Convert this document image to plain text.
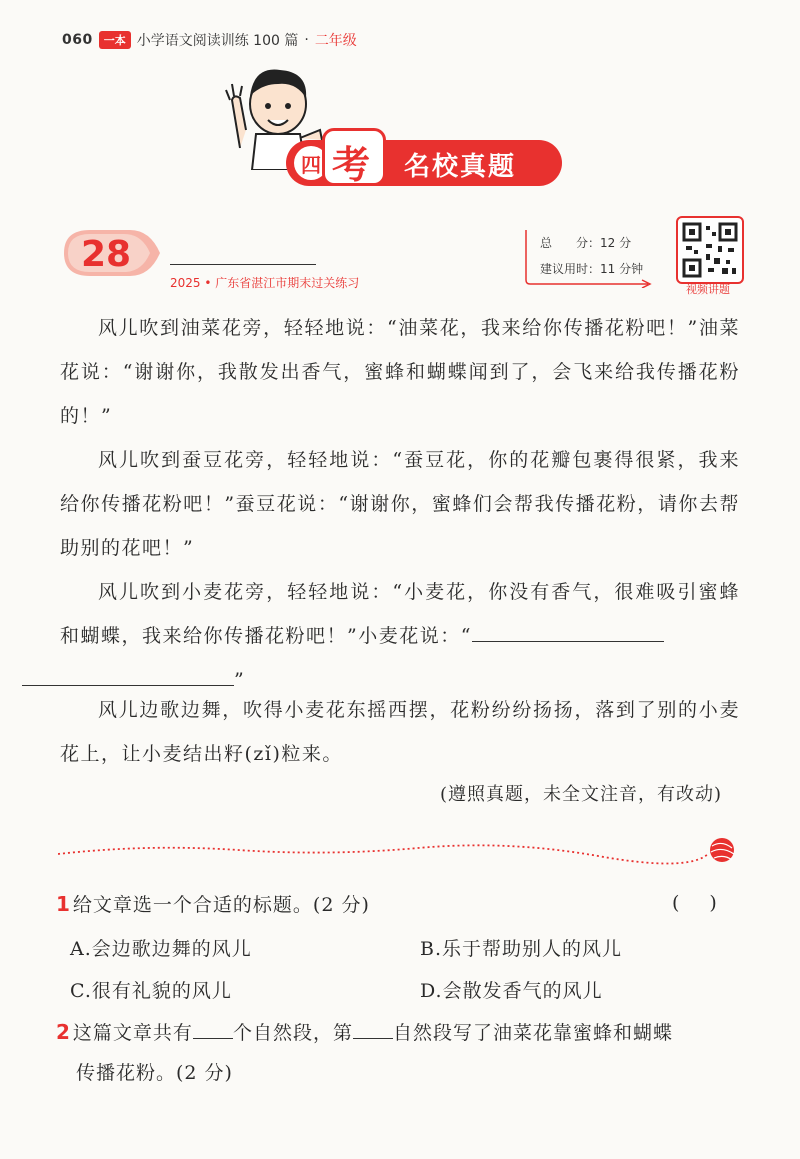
060	一本 小学语文阅读训练 100 篇 · 二年级
四 考 名校真题
28
2025 • 广东省湛江市期末过关练习
总　　分：12 分
建议用时：11 分钟
视频讲题
风儿吹到油菜花旁，轻轻地说：“油菜花，我来给你传播花粉吧！”油菜花说：“谢谢你，我散发出香气，蜜蜂和蝴蝶闻到了，会飞来给我传播花粉的！”
风儿吹到蚕豆花旁，轻轻地说：“蚕豆花，你的花瓣包裹得很紧，我来给你传播花粉吧！”蚕豆花说：“谢谢你，蜜蜂们会帮我传播花粉，请你去帮助别的花吧！”
风儿吹到小麦花旁，轻轻地说：“小麦花，你没有香气，很难吸引蜜蜂和蝴蝶，我来给你传播花粉吧！”小麦花说：“
”
风儿边歌边舞，吹得小麦花东摇西摆，花粉纷纷扬扬，落到了别的小麦花上，让小麦结出籽(zǐ)粒来。
(遵照真题，未全文注音，有改动)
1 给文章选一个合适的标题。(2 分)	()
A.会边歌边舞的风儿	B.乐于帮助别人的风儿
C.很有礼貌的风儿	D.会散发香气的风儿
2 这篇文章共有 个自然段，第 自然段写了油菜花靠蜜蜂和蝴蝶
传播花粉。(2 分)
